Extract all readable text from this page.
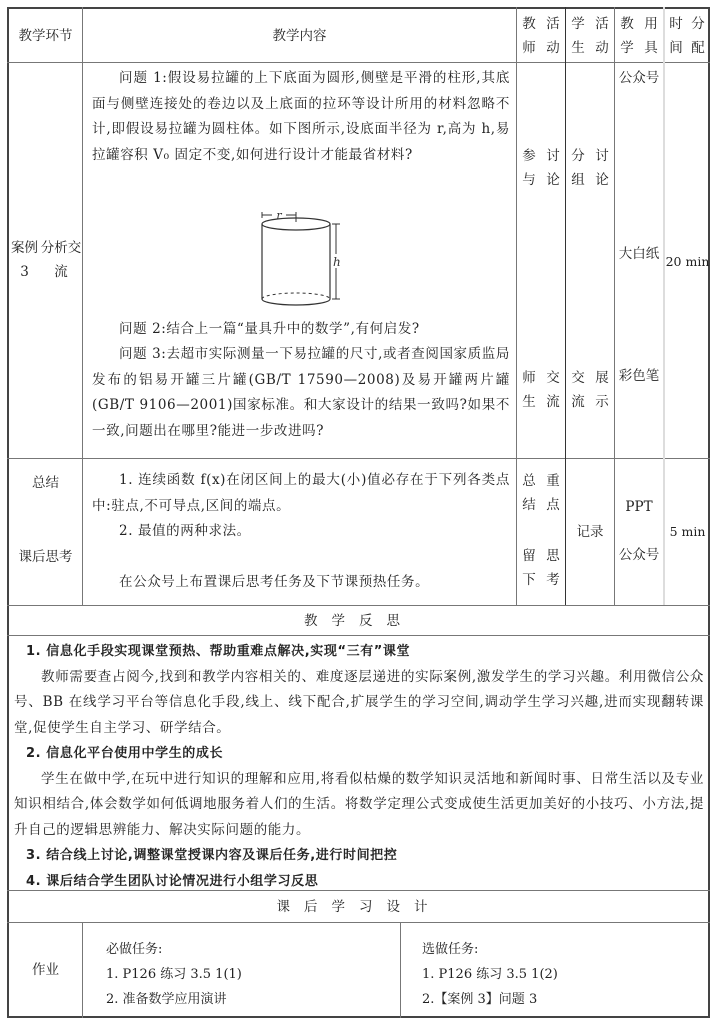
教学环节	教学内容
教师
活动
学生
活动
教学
用具
时间
分配
案例 3
分析交流
问题 1:假设易拉罐的上下底面为圆形,侧壁是平滑的柱形,其底面与侧壁连接处的卷边以及上底面的拉环等设计所用的材料忽略不计,即假设易拉罐为圆柱体。如下图所示,设底面半径为 r,高为 h,易拉罐容积 V₀ 固定不变,如何进行设计才能最省材料?
r
h
问题 2:结合上一篇“量具升中的数学”,有何启发?
问题 3:去超市实际测量一下易拉罐的尺寸,或者查阅国家质监局发布的铝易开罐三片罐(GB/T 17590—2008)及易开罐两片罐(GB/T 9106—2001)国家标准。和大家设计的结果一致吗?如果不一致,问题出在哪里?能进一步改进吗?
参与
讨论
分组
讨论
师生
交流
交流
展示
公众号
大白纸
彩色笔
20 min
总结
课后思考
1. 连续函数 f(x)在闭区间上的最大(小)值必存在于下列各类点中:驻点,不可导点,区间的端点。
2. 最值的两种求法。
在公众号上布置课后思考任务及下节课预热任务。
总结
重点
留下
思考
记录
PPT
公众号
5 min
教学反思
1. 信息化手段实现课堂预热、帮助重难点解决,实现“三有”课堂
教师需要查占阅今,找到和教学内容相关的、难度逐层递进的实际案例,激发学生的学习兴趣。利用微信公众号、BB 在线学习平台等信息化手段,线上、线下配合,扩展学生的学习空间,调动学生学习兴趣,进而实现翻转课堂,促使学生自主学习、研学结合。
2. 信息化平台使用中学生的成长
学生在做中学,在玩中进行知识的理解和应用,将看似枯燥的数学知识灵活地和新闻时事、日常生活以及专业知识相结合,体会数学如何低调地服务着人们的生活。将数学定理公式变成使生活更加美好的小技巧、小方法,提升自己的逻辑思辨能力、解决实际问题的能力。
3. 结合线上讨论,调整课堂授课内容及课后任务,进行时间把控
4. 课后结合学生团队讨论情况进行小组学习反思
课后学习设计
作业
必做任务:
1. P126 练习 3.5 1(1)
2. 准备数学应用演讲
选做任务:
1. P126 练习 3.5 1(2)
2.【案例 3】问题 3
